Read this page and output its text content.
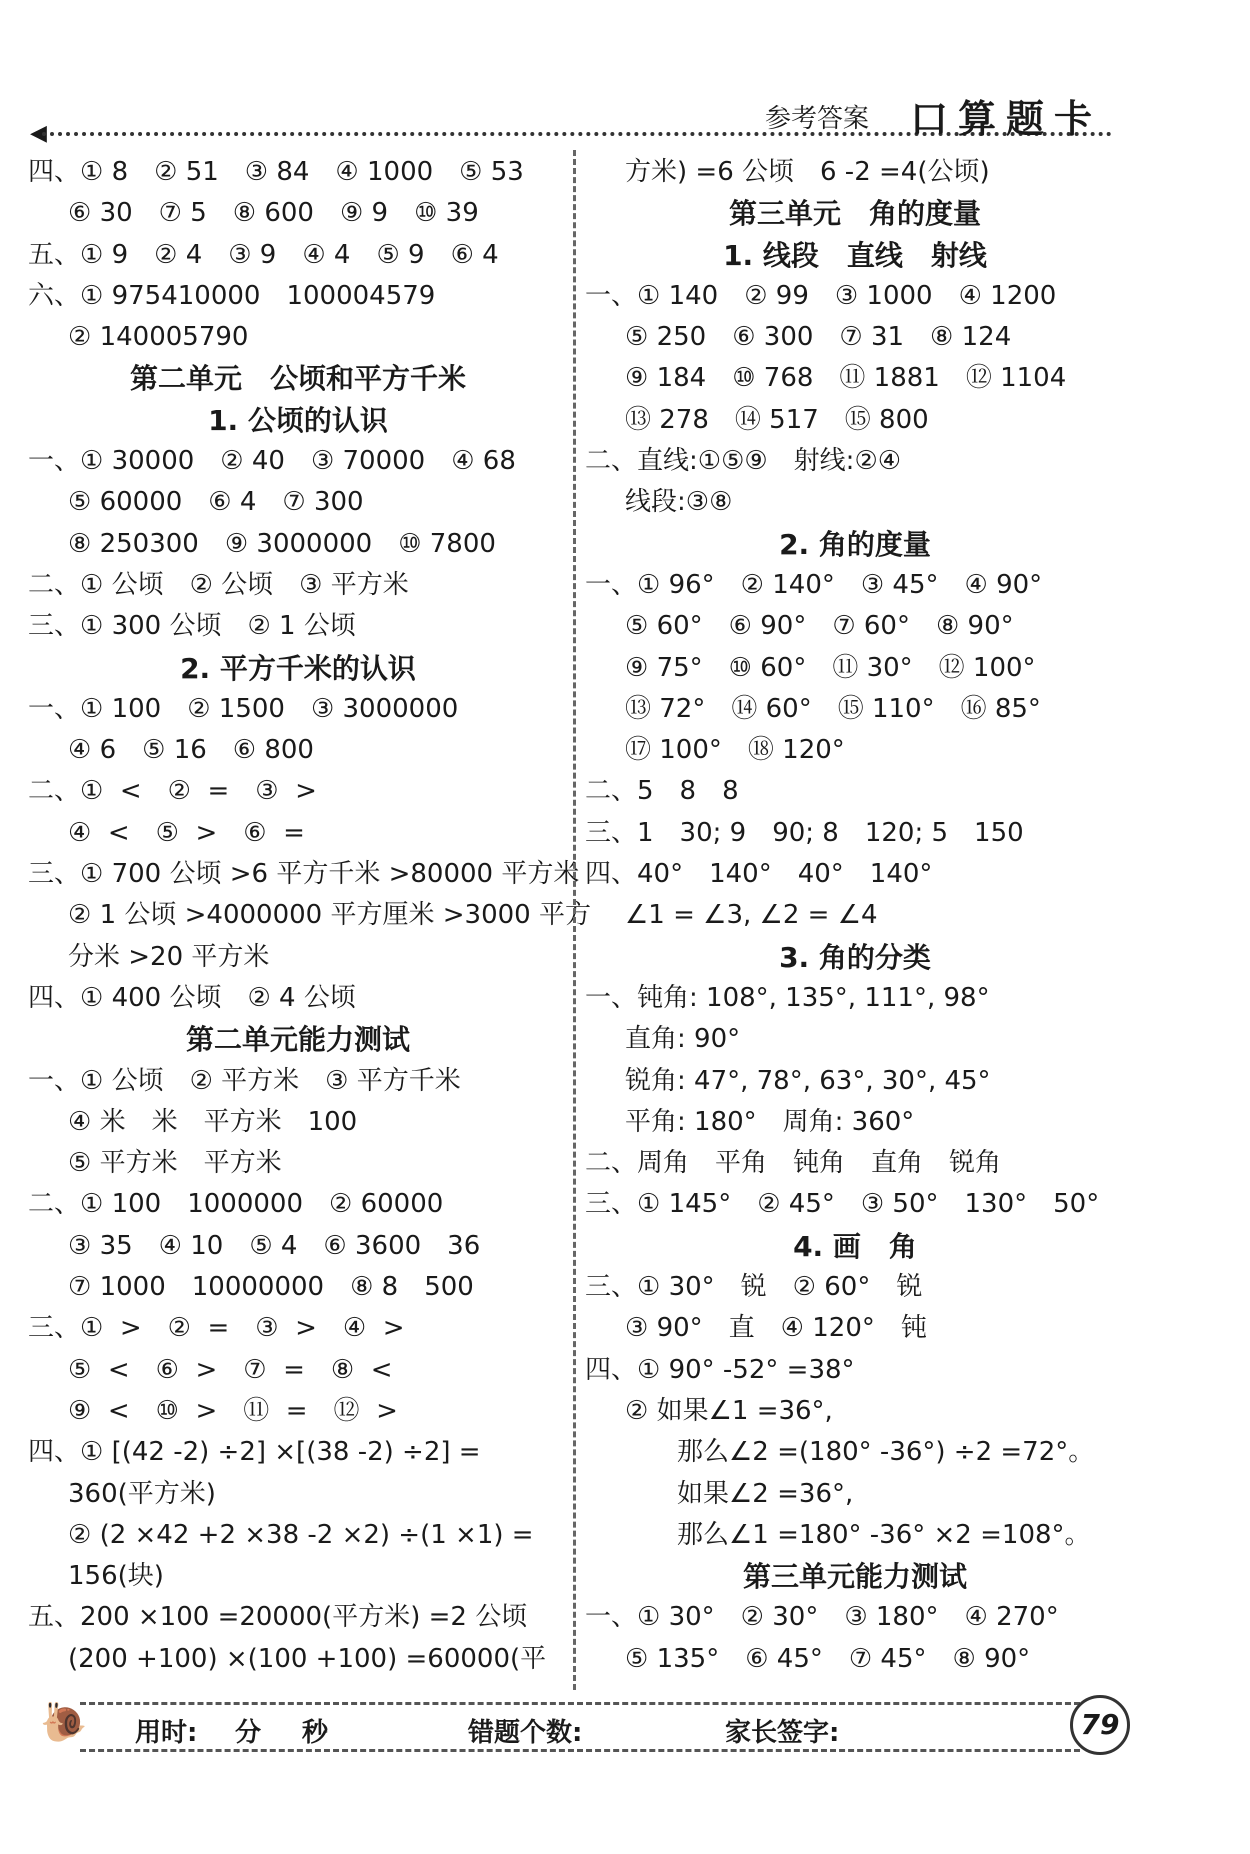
◀	参考答案 口算题卡
四、① 8　② 51　③ 84　④ 1000　⑤ 53
⑥ 30　⑦ 5　⑧ 600　⑨ 9　⑩ 39
五、① 9　② 4　③ 9　④ 4　⑤ 9　⑥ 4
六、① 975410000　100004579
② 140005790
第二单元　公顷和平方千米
1. 公顷的认识
一、① 30000　② 40　③ 70000　④ 68
⑤ 60000　⑥ 4　⑦ 300
⑧ 250300　⑨ 3000000　⑩ 7800
二、① 公顷　② 公顷　③ 平方米
三、① 300 公顷　② 1 公顷
2. 平方千米的认识
一、① 100　② 1500　③ 3000000
④ 6　⑤ 16　⑥ 800
二、①  <　②  =　③  >
④  <　⑤  >　⑥  =
三、① 700 公顷 >6 平方千米 >80000 平方米
② 1 公顷 >4000000 平方厘米 >3000 平方
分米 >20 平方米
四、① 400 公顷　② 4 公顷
第二单元能力测试
一、① 公顷　② 平方米　③ 平方千米
④ 米　米　平方米　100
⑤ 平方米　平方米
二、① 100　1000000　② 60000
③ 35　④ 10　⑤ 4　⑥ 3600　36
⑦ 1000　10000000　⑧ 8　500
三、①  >　②  =　③  >　④  >
⑤  <　⑥  >　⑦  =　⑧  <
⑨  <　⑩  >　⑪  =　⑫  >
四、① [(42 -2) ÷2] ×[(38 -2) ÷2] =
360(平方米)
② (2 ×42 +2 ×38 -2 ×2) ÷(1 ×1) =
156(块)
五、200 ×100 =20000(平方米) =2 公顷
(200 +100) ×(100 +100) =60000(平
方米) =6 公顷　6 -2 =4(公顷)
第三单元　角的度量
1. 线段　直线　射线
一、① 140　② 99　③ 1000　④ 1200
⑤ 250　⑥ 300　⑦ 31　⑧ 124
⑨ 184　⑩ 768　⑪ 1881　⑫ 1104
⑬ 278　⑭ 517　⑮ 800
二、直线:①⑤⑨　射线:②④
线段:③⑧
2. 角的度量
一、① 96°　② 140°　③ 45°　④ 90°
⑤ 60°　⑥ 90°　⑦ 60°　⑧ 90°
⑨ 75°　⑩ 60°　⑪ 30°　⑫ 100°
⑬ 72°　⑭ 60°　⑮ 110°　⑯ 85°
⑰ 100°　⑱ 120°
二、5　8　8
三、1　30; 9　90; 8　120; 5　150
四、40°　140°　40°　140°
∠1 = ∠3, ∠2 = ∠4
3. 角的分类
一、钝角: 108°, 135°, 111°, 98°
直角: 90°
锐角: 47°, 78°, 63°, 30°, 45°
平角: 180°　周角: 360°
二、周角　平角　钝角　直角　锐角
三、① 145°　② 45°　③ 50°　130°　50°
4. 画　角
三、① 30°　锐　② 60°　锐
③ 90°　直　④ 120°　钝
四、① 90° -52° =38°
② 如果∠1 =36°,
　　那么∠2 =(180° -36°) ÷2 =72°。
　　如果∠2 =36°,
　　那么∠1 =180° -36° ×2 =108°。
第三单元能力测试
一、① 30°　② 30°　③ 180°　④ 270°
⑤ 135°　⑥ 45°　⑦ 45°　⑧ 90°
🐌 用时: 分 秒	错题个数:	家长签字:	79
